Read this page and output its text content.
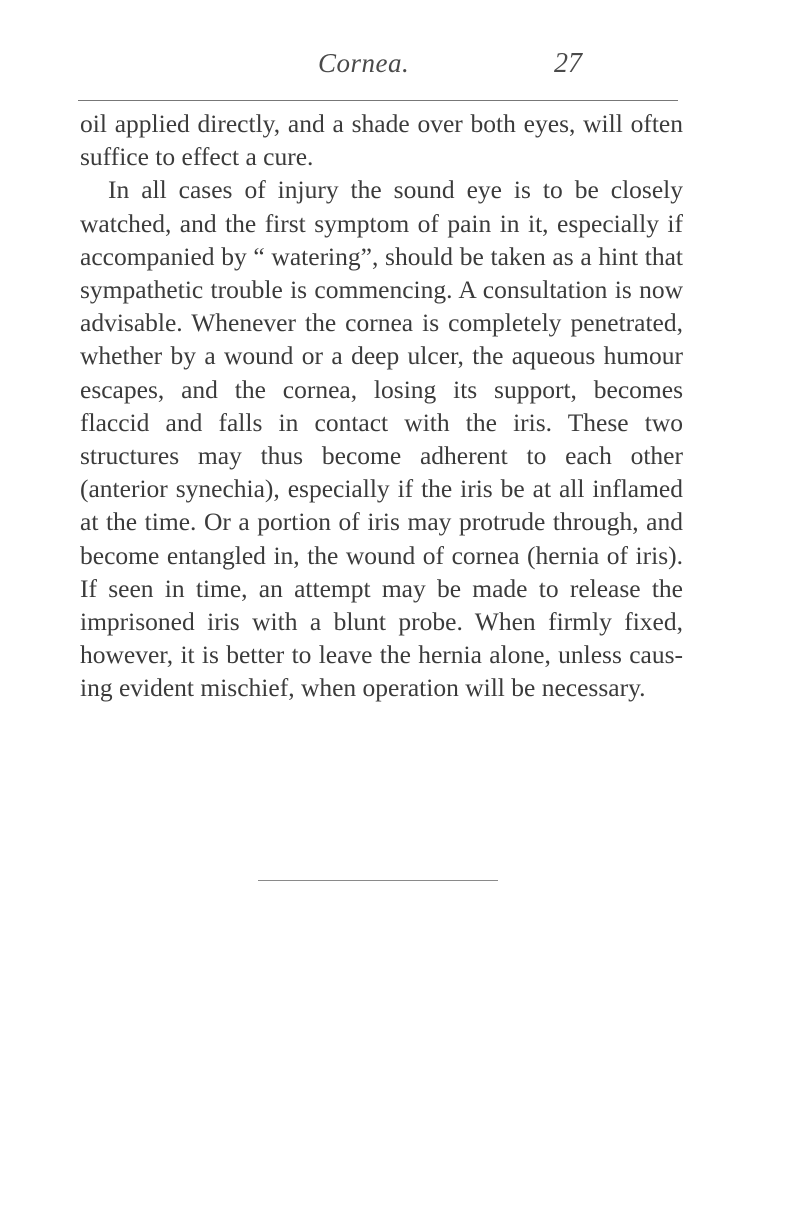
Cornea.	27

oil applied directly, and a shade over both eyes, will often suffice to effect a cure.

In all cases of injury the sound eye is to be closely watched, and the first symptom of pain in it, especially if accompanied by “ watering”, should be taken as a hint that sympathetic trouble is commencing. A consultation is now advisable. Whenever the cornea is completely penetrated, whether by a wound or a deep ulcer, the aqueous humour escapes, and the cornea, losing its support, becomes flaccid and falls in contact with the iris. These two structures may thus become adherent to each other (anterior synechia), especially if the iris be at all inflamed at the time. Or a portion of iris may protrude through, and become entangled in, the wound of cornea (hernia of iris). If seen in time, an attempt may be made to release the imprisoned iris with a blunt probe. When firmly fixed, however, it is better to leave the hernia alone, unless caus-ing evident mischief, when operation will be necessary.
